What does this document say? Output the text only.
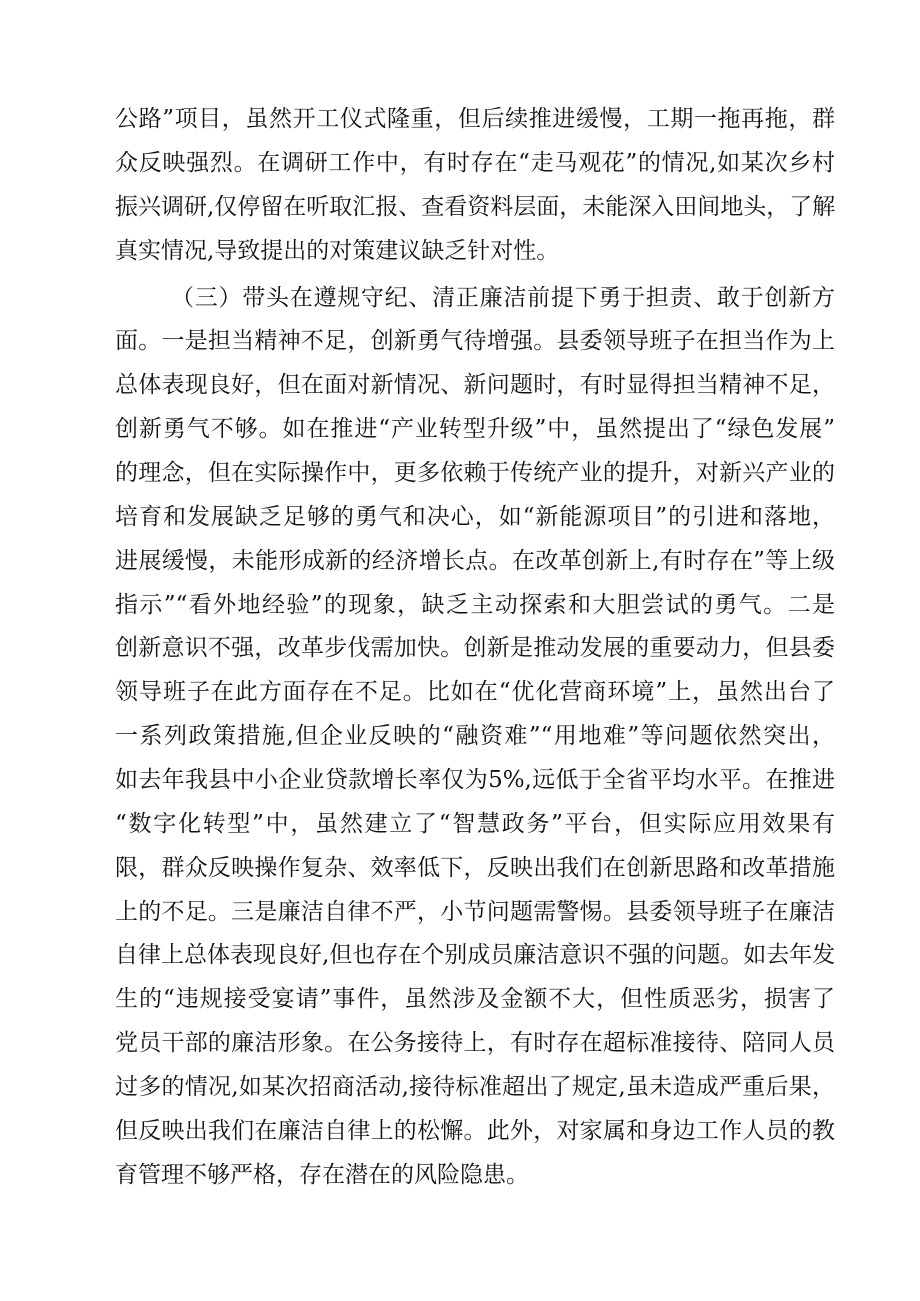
公路”项目，虽然开工仪式隆重，但后续推进缓慢，工期一拖再拖，群

众反映强烈。在调研工作中，有时存在“走马观花”的情况,如某次乡村

振兴调研,仅停留在听取汇报、查看资料层面，未能深入田间地头，了解

真实情况,导致提出的对策建议缺乏针对性。

（三）带头在遵规守纪、清正廉洁前提下勇于担责、敢于创新方

面。一是担当精神不足，创新勇气待增强。县委领导班子在担当作为上

总体表现良好，但在面对新情况、新问题时，有时显得担当精神不足，

创新勇气不够。如在推进“产业转型升级”中，虽然提出了“绿色发展”

的理念，但在实际操作中，更多依赖于传统产业的提升，对新兴产业的

培育和发展缺乏足够的勇气和决心，如“新能源项目”的引进和落地，

进展缓慢，未能形成新的经济增长点。在改革创新上,有时存在”等上级

指示”“看外地经验”的现象，缺乏主动探索和大胆尝试的勇气。二是

创新意识不强，改革步伐需加快。创新是推动发展的重要动力，但县委

领导班子在此方面存在不足。比如在“优化营商环境”上，虽然出台了

一系列政策措施,但企业反映的“融资难”“用地难”等问题依然突出，

如去年我县中小企业贷款增长率仅为5%,远低于全省平均水平。在推进

“数字化转型”中，虽然建立了“智慧政务”平台，但实际应用效果有

限，群众反映操作复杂、效率低下，反映出我们在创新思路和改革措施

上的不足。三是廉洁自律不严，小节问题需警惕。县委领导班子在廉洁

自律上总体表现良好,但也存在个别成员廉洁意识不强的问题。如去年发

生的“违规接受宴请”事件，虽然涉及金额不大，但性质恶劣，损害了

党员干部的廉洁形象。在公务接待上，有时存在超标准接待、陪同人员

过多的情况,如某次招商活动,接待标准超出了规定,虽未造成严重后果，

但反映出我们在廉洁自律上的松懈。此外，对家属和身边工作人员的教

育管理不够严格，存在潜在的风险隐患。
